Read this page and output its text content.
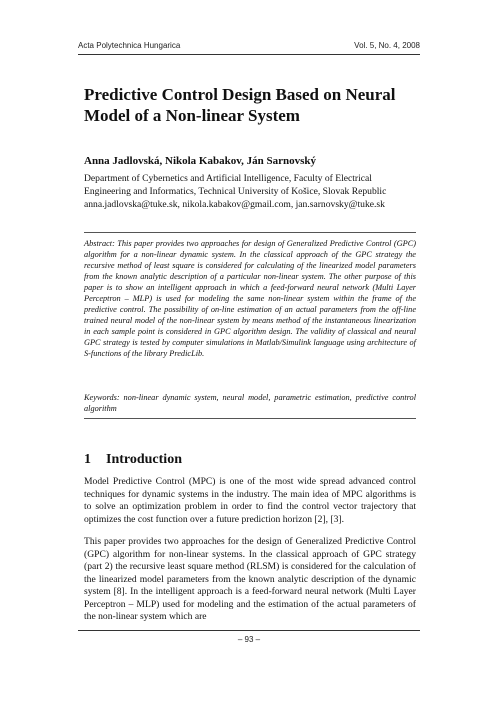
Acta Polytechnica Hungarica	Vol. 5, No. 4, 2008
Predictive Control Design Based on Neural Model of a Non-linear System
Anna Jadlovská, Nikola Kabakov, Ján Sarnovský
Department of Cybernetics and Artificial Intelligence, Faculty of Electrical Engineering and Informatics, Technical University of Košice, Slovak Republic
anna.jadlovska@tuke.sk, nikola.kabakov@gmail.com, jan.sarnovsky@tuke.sk
Abstract: This paper provides two approaches for design of Generalized Predictive Control (GPC) algorithm for a non-linear dynamic system. In the classical approach of the GPC strategy the recursive method of least square is considered for calculating of the linearized model parameters from the known analytic description of a particular non-linear system. The other purpose of this paper is to show an intelligent approach in which a feed-forward neural network (Multi Layer Perceptron – MLP) is used for modeling the same non-linear system within the frame of the predictive control. The possibility of on-line estimation of an actual parameters from the off-line trained neural model of the non-linear system by means method of the instantaneous linearization in each sample point is considered in GPC algorithm design. The validity of classical and neural GPC strategy is tested by computer simulations in Matlab/Simulink language using architecture of S-functions of the library PredicLib.
Keywords: non-linear dynamic system, neural model, parametric estimation, predictive control algorithm
1 Introduction
Model Predictive Control (MPC) is one of the most wide spread advanced control techniques for dynamic systems in the industry. The main idea of MPC algorithms is to solve an optimization problem in order to find the control vector trajectory that optimizes the cost function over a future prediction horizon [2], [3].
This paper provides two approaches for the design of Generalized Predictive Control (GPC) algorithm for non-linear systems. In the classical approach of GPC strategy (part 2) the recursive least square method (RLSM) is considered for the calculation of the linearized model parameters from the known analytic description of the dynamic system [8]. In the intelligent approach is a feed-forward neural network (Multi Layer Perceptron – MLP) used for modeling and the estimation of the actual parameters of the non-linear system which are
– 93 –
